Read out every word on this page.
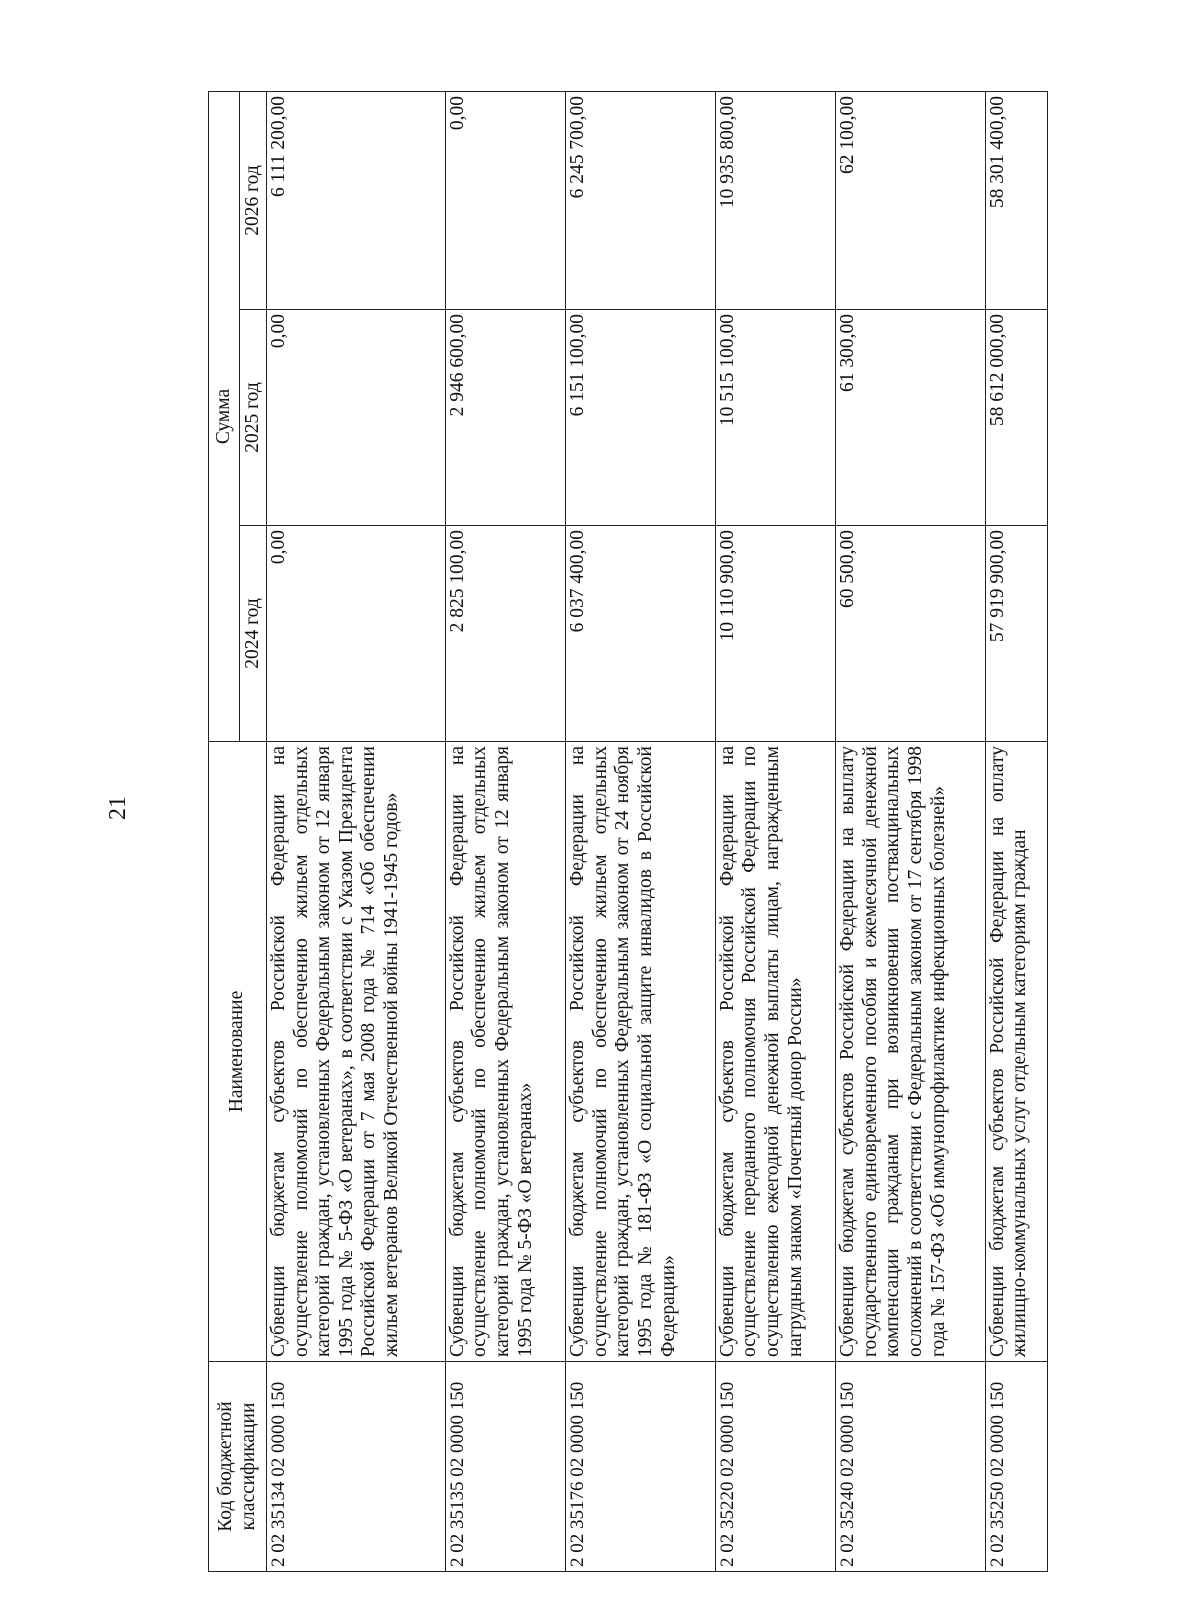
21
Код бюджетной классификации	Наименование	Сумма		
		2024 год	2025 год	2026 год
2 02 35134 02 0000 150	Субвенции бюджетам субъектов Российской Федерации на осуществление полномочий по обеспечению жильем отдельных категорий граждан, установленных Федеральным законом от 12 января 1995 года № 5-ФЗ «О ветеранах», в соответствии с Указом Президента Российской Федерации от 7 мая 2008 года № 714 «Об обеспечении жильем ветеранов Великой Отечественной войны 1941-1945 годов»	0,00	0,00	6 111 200,00
2 02 35135 02 0000 150	Субвенции бюджетам субъектов Российской Федерации на осуществление полномочий по обеспечению жильем отдельных категорий граждан, установленных Федеральным законом от 12 января 1995 года № 5-ФЗ «О ветеранах»	2 825 100,00	2 946 600,00	0,00
2 02 35176 02 0000 150	Субвенции бюджетам субъектов Российской Федерации на осуществление полномочий по обеспечению жильем отдельных категорий граждан, установленных Федеральным законом от 24 ноября 1995 года № 181-ФЗ «О социальной защите инвалидов в Российской Федерации»	6 037 400,00	6 151 100,00	6 245 700,00
2 02 35220 02 0000 150	Субвенции бюджетам субъектов Российской Федерации на осуществление переданного полномочия Российской Федерации по осуществлению ежегодной денежной выплаты лицам, награжденным нагрудным знаком «Почетный донор России»	10 110 900,00	10 515 100,00	10 935 800,00
2 02 35240 02 0000 150	Субвенции бюджетам субъектов Российской Федерации на выплату государственного единовременного пособия и ежемесячной денежной компенсации гражданам при возникновении поствакцинальных осложнений в соответствии с Федеральным законом от 17 сентября 1998 года № 157-ФЗ «Об иммунопрофилактике инфекционных болезней»	60 500,00	61 300,00	62 100,00
2 02 35250 02 0000 150	Субвенции бюджетам субъектов Российской Федерации на оплату жилищно-коммунальных услуг отдельным категориям граждан	57 919 900,00	58 612 000,00	58 301 400,00
